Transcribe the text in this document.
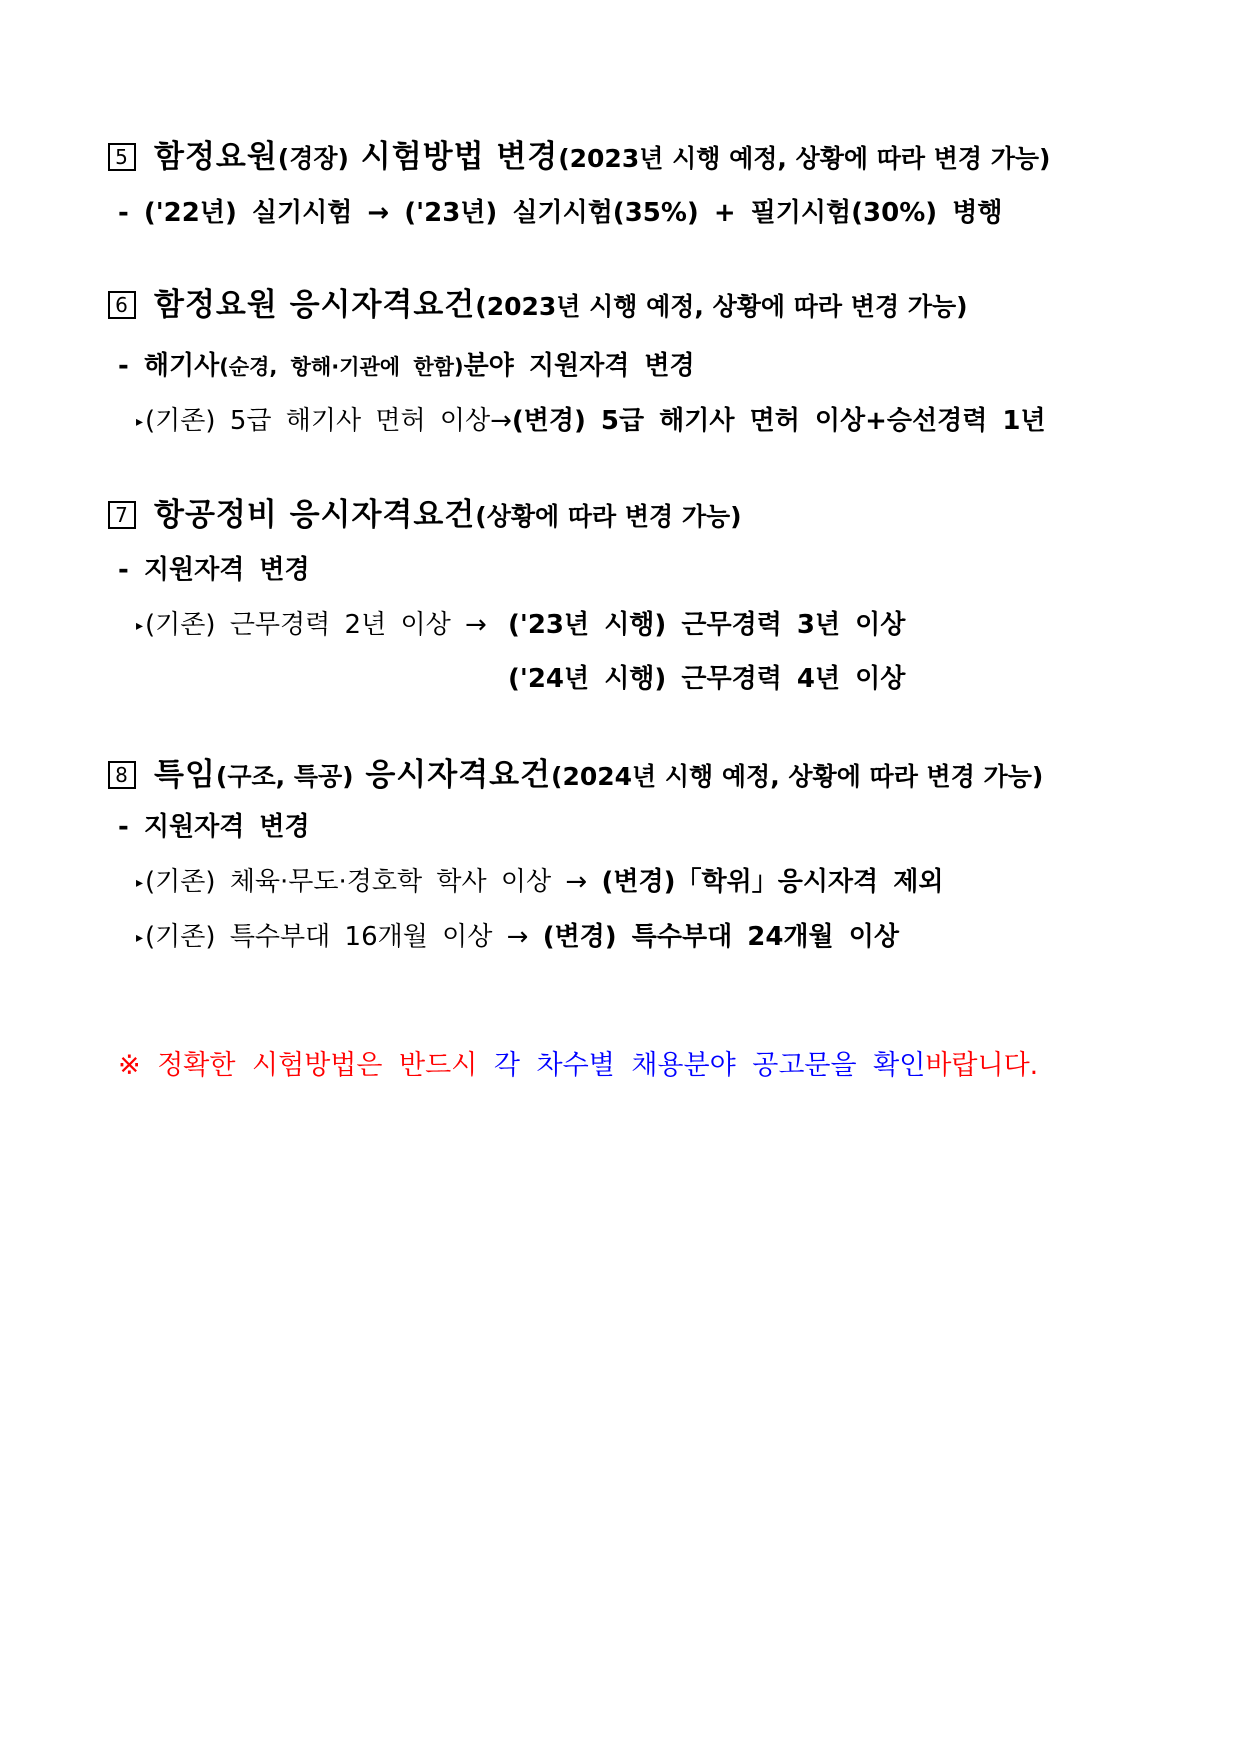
5 함정요원(경장) 시험방법 변경(2023년 시행 예정, 상황에 따라 변경 가능)
- ('22년) 실기시험 → ('23년) 실기시험(35%) + 필기시험(30%) 병행
6 함정요원 응시자격요건(2023년 시행 예정, 상황에 따라 변경 가능)
- 해기사(순경, 항해·기관에 한함)분야 지원자격 변경
▸(기존) 5급 해기사 면허 이상→(변경) 5급 해기사 면허 이상+승선경력 1년
7 항공정비 응시자격요건(상황에 따라 변경 가능)
- 지원자격 변경
▸(기존) 근무경력 2년 이상 → ('23년 시행) 근무경력 3년 이상
('24년 시행) 근무경력 4년 이상
8 특임(구조, 특공) 응시자격요건(2024년 시행 예정, 상황에 따라 변경 가능)
- 지원자격 변경
▸(기존) 체육·무도·경호학 학사 이상 → (변경)「학위」응시자격 제외
▸(기존) 특수부대 16개월 이상 → (변경) 특수부대 24개월 이상
※ 정확한 시험방법은 반드시 각 차수별 채용분야 공고문을 확인바랍니다.
